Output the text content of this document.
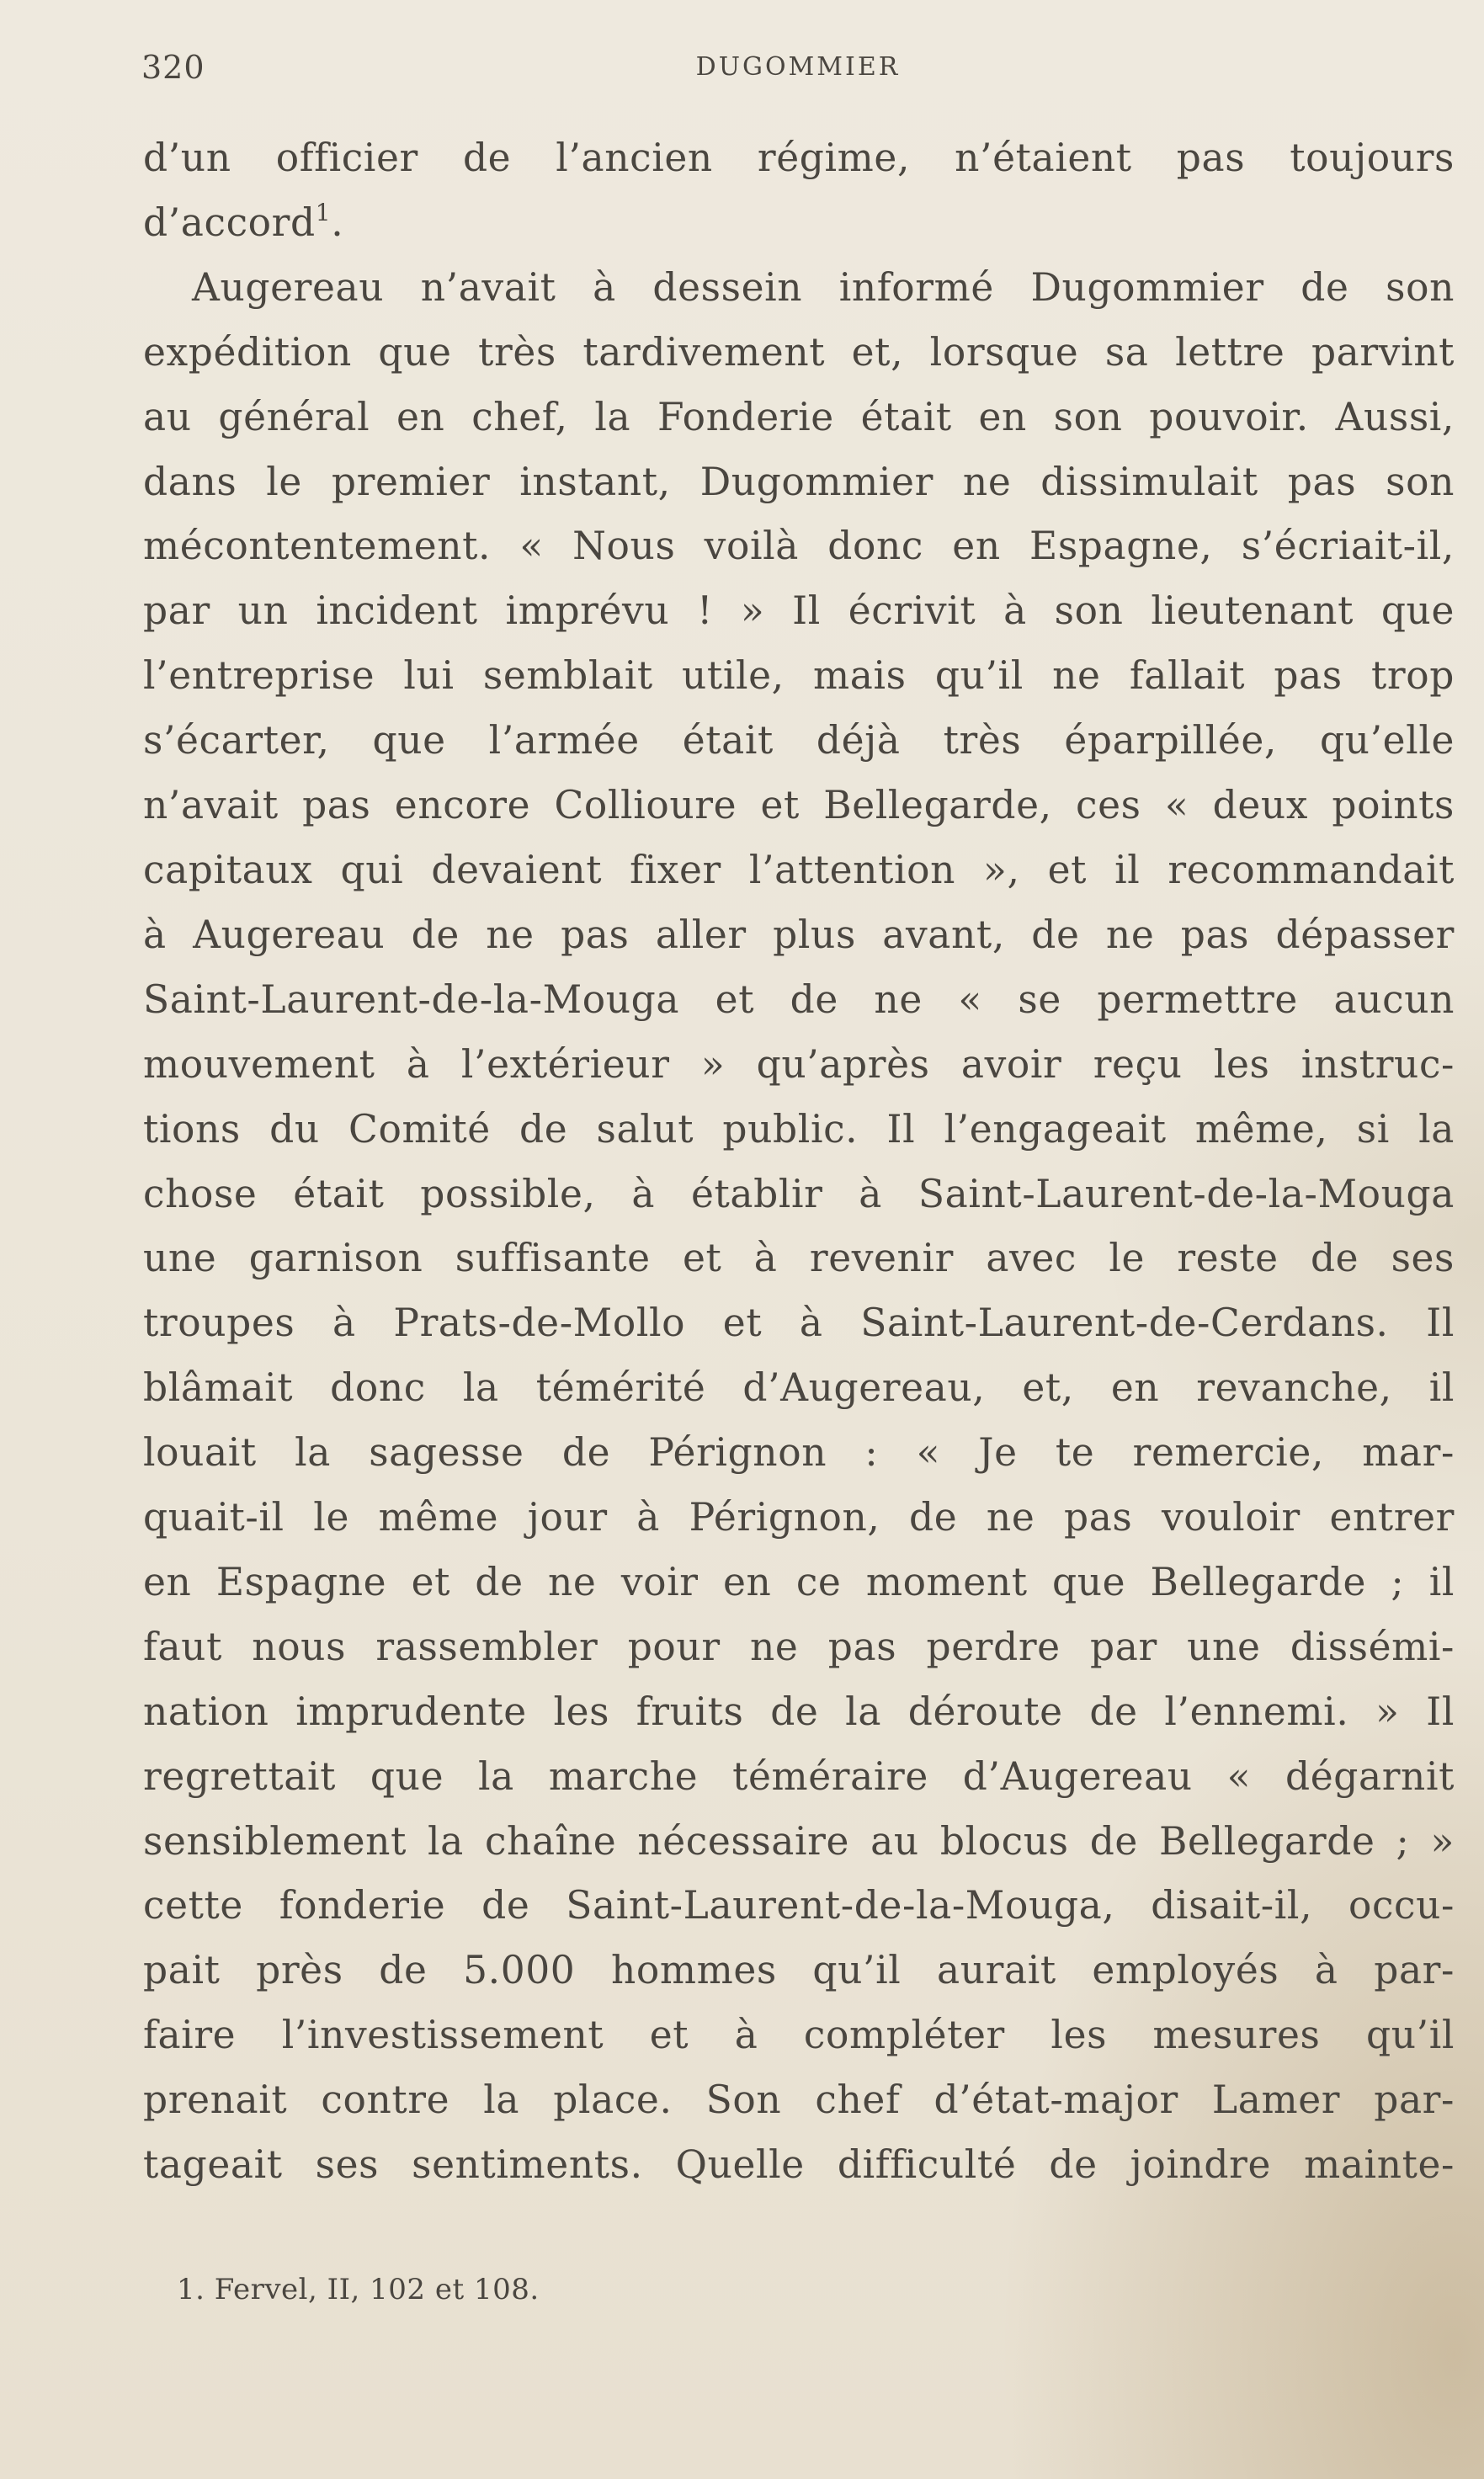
320	DUGOMMIER
d’un officier de l’ancien régime, n’étaient pas toujours
d’accord$^1$.
Augereau n’avait à dessein informé Dugommier de son
expédition que très tardivement et, lorsque sa lettre parvint
au général en chef, la Fonderie était en son pouvoir. Aussi,
dans le premier instant, Dugommier ne dissimulait pas son
mécontentement. « Nous voilà donc en Espagne, s’écriait-il,
par un incident imprévu ! » Il écrivit à son lieutenant que
l’entreprise lui semblait utile, mais qu’il ne fallait pas trop
s’écarter, que l’armée était déjà très éparpillée, qu’elle
n’avait pas encore Collioure et Bellegarde, ces « deux points
capitaux qui devaient fixer l’attention », et il recommandait
à Augereau de ne pas aller plus avant, de ne pas dépasser
Saint-Laurent-de-la-Mouga et de ne « se permettre aucun
mouvement à l’extérieur » qu’après avoir reçu les instruc-
tions du Comité de salut public. Il l’engageait même, si la
chose était possible, à établir à Saint-Laurent-de-la-Mouga
une garnison suffisante et à revenir avec le reste de ses
troupes à Prats-de-Mollo et à Saint-Laurent-de-Cerdans. Il
blâmait donc la témérité d’Augereau, et, en revanche, il
louait la sagesse de Pérignon : « Je te remercie, mar-
quait-il le même jour à Pérignon, de ne pas vouloir entrer
en Espagne et de ne voir en ce moment que Bellegarde ; il
faut nous rassembler pour ne pas perdre par une dissémi-
nation imprudente les fruits de la déroute de l’ennemi. » Il
regrettait que la marche téméraire d’Augereau « dégarnit
sensiblement la chaîne nécessaire au blocus de Bellegarde ; »
cette fonderie de Saint-Laurent-de-la-Mouga, disait-il, occu-
pait près de 5.000 hommes qu’il aurait employés à par-
faire l’investissement et à compléter les mesures qu’il
prenait contre la place. Son chef d’état-major Lamer par-
tageait ses sentiments. Quelle difficulté de joindre mainte-
1. Fervel, II, 102 et 108.
